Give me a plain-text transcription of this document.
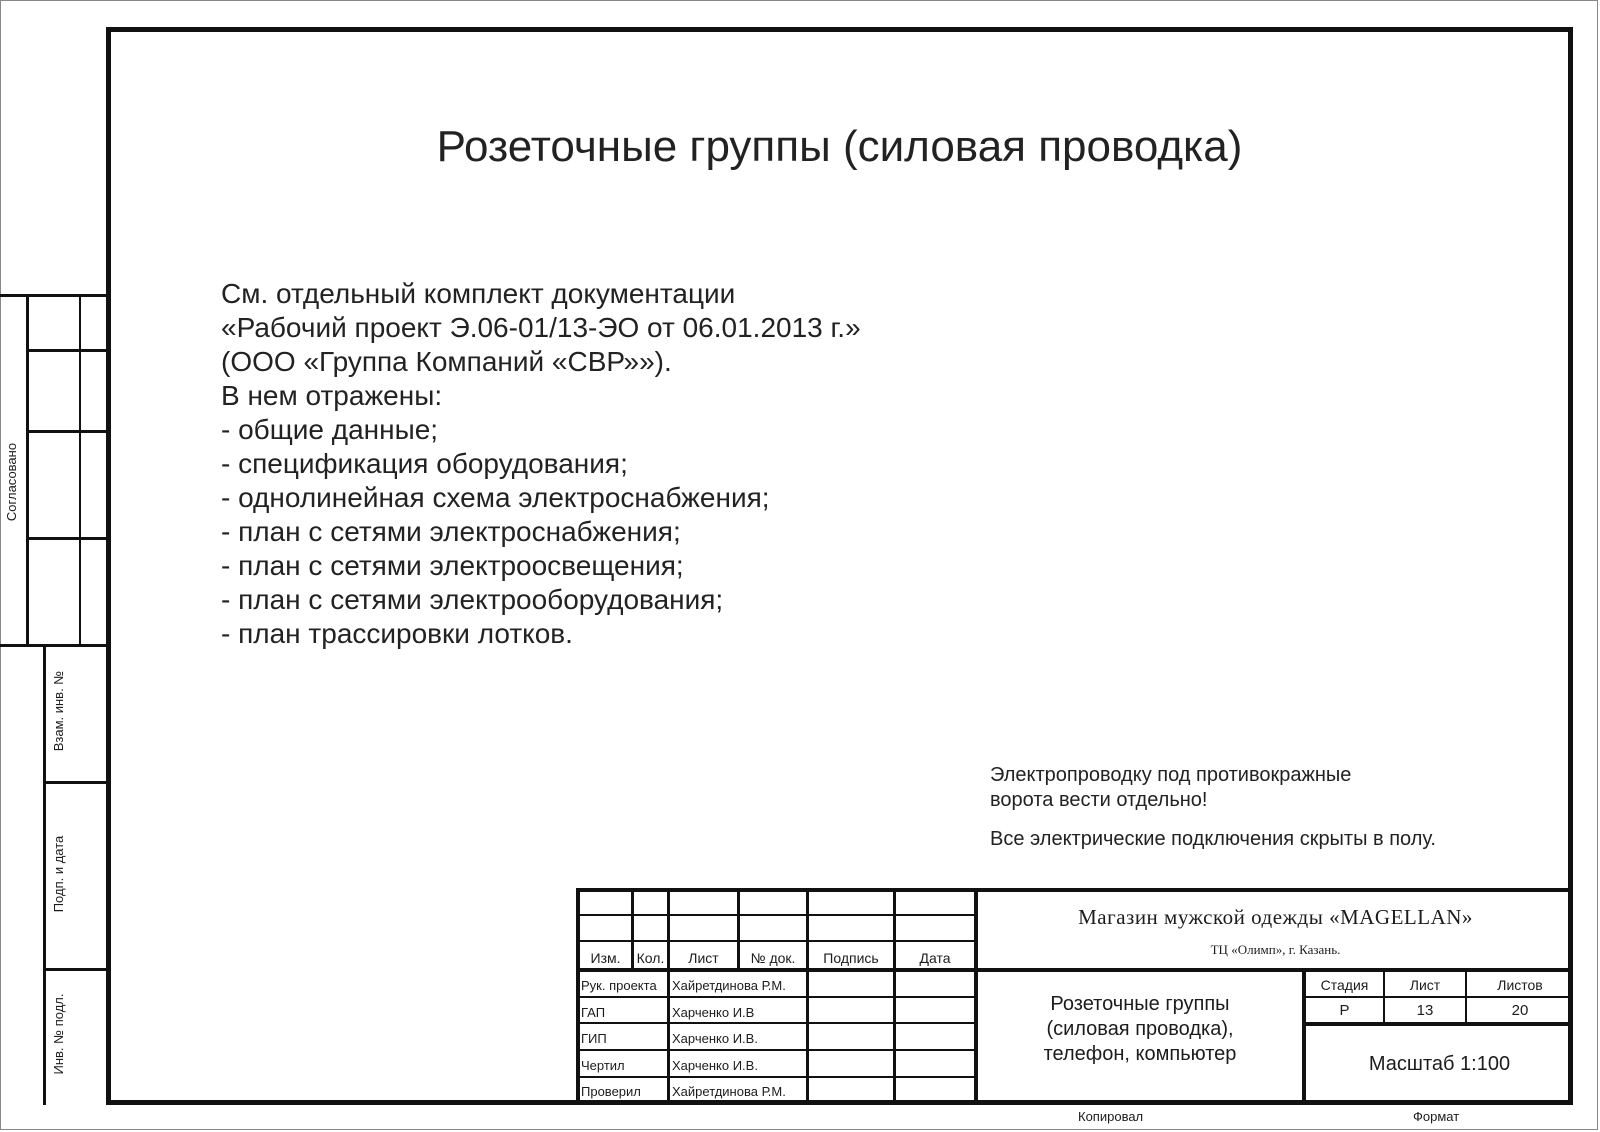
Согласовано
Взам. инв. №
Подп. и дата
Инв. № подл.
Розеточные группы (силовая проводка)
См. отдельный комплект документации
«Рабочий проект Э.06-01/13-ЭО от 06.01.2013 г.»
(ООО «Группа Компаний «СВР»»).
В нем отражены:
- общие данные;
- спецификация оборудования;
- однолинейная схема электроснабжения;
- план с сетями электроснабжения;
- план с сетями электроосвещения;
- план с сетями электрооборудования;
- план трассировки лотков.
Электропроводку под противокражные
ворота вести отдельно!
Все электрические подключения скрыты в полу.
Изм.	Кол.	Лист	№ док.	Подпись	Дата
Рук. проекта Хайретдинова Р.М.
ГАП	Харченко И.В
ГИП	Харченко И.В.
Чертил	Харченко И.В.
Проверил Хайретдинова Р.М.
Магазин мужской одежды «MAGELLAN»
ТЦ «Олимп», г. Казань.
Розеточные группы
(силовая проводка),
телефон, компьютер
Стадия	Лист	Листов
Р	13	20
Масштаб 1:100
Копировал	Формат
